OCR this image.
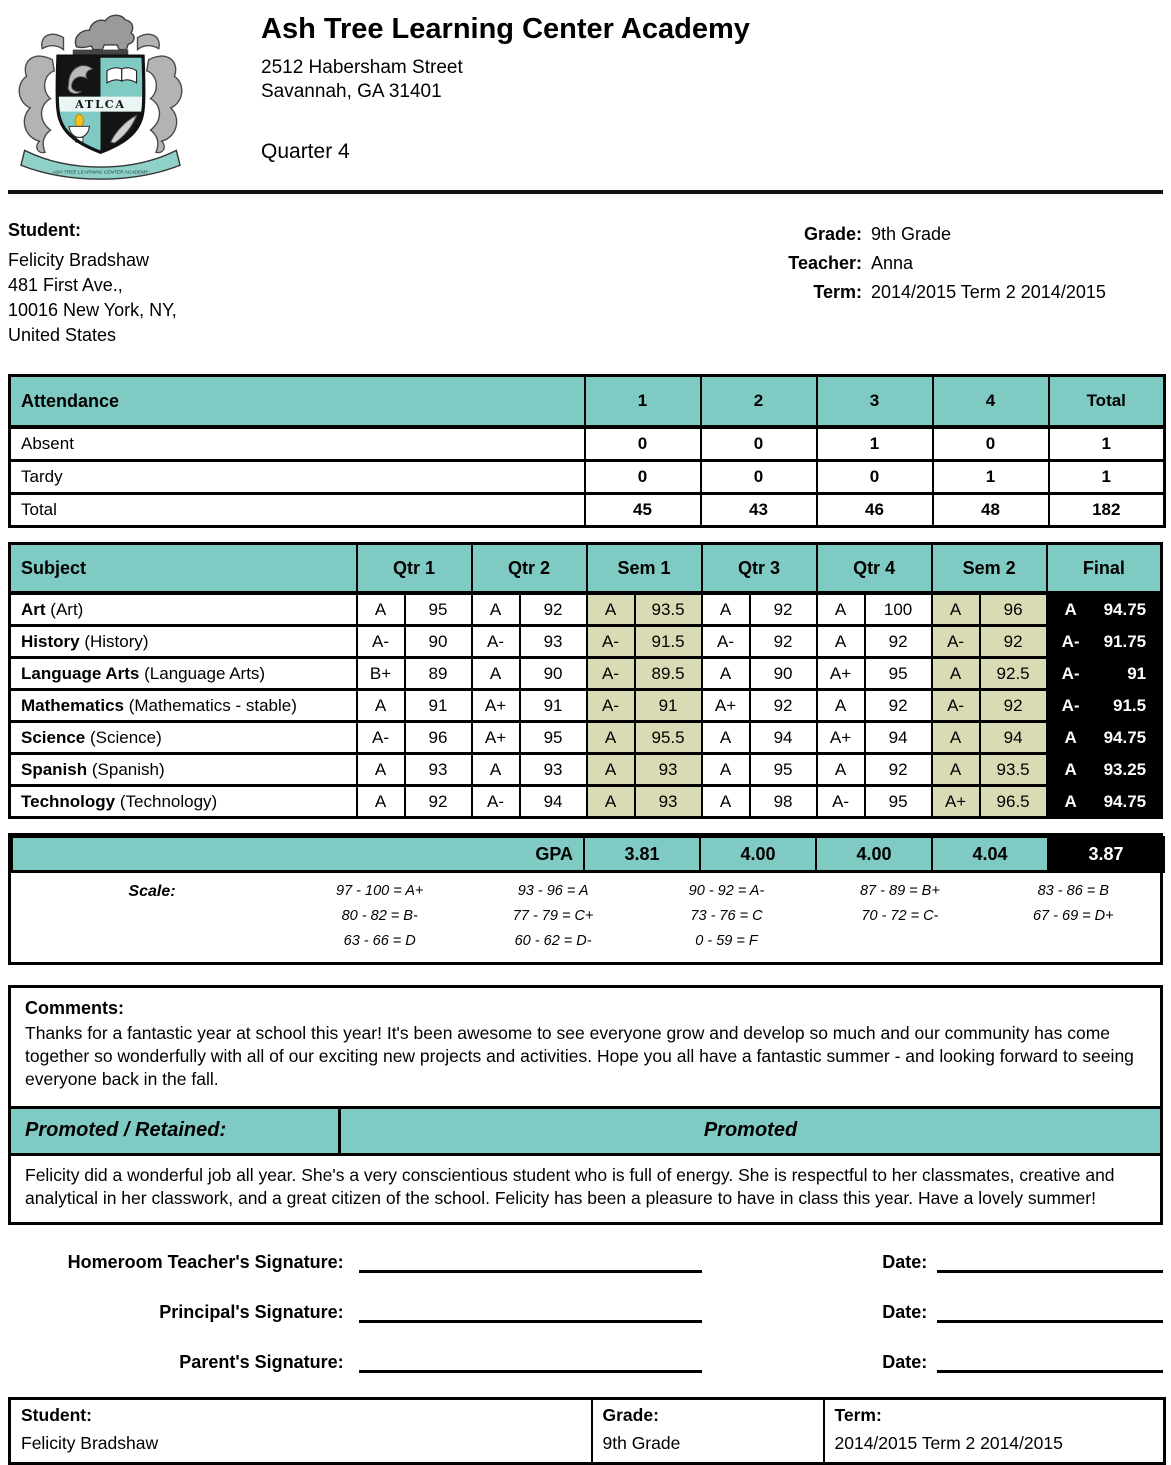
ATLCA
ASH TREE LEARNING CENTER ACADEMY
Ash Tree Learning Center Academy
2512 Habersham Street
Savannah, GA 31401
Quarter 4
Student:
Felicity Bradshaw
481 First Ave.,
10016 New York, NY,
United States
Grade: 9th Grade
Teacher: Anna
Term: 2014/2015 Term 2 2014/2015
Attendance	1	2	3	4	Total
Absent	0	0	1	0	1
Tardy	0	0	0	1	1
Total	45	43	46	48	182
Subject	Qtr 1		Qtr 2		Sem 1		Qtr 3		Qtr 4		Sem 2		Final	
Art (Art)	A	95	A	92	A	93.5	A	92	A	100	A	96	A	94.75
History (History)	A-	90	A-	93	A-	91.5	A-	92	A	92	A-	92	A-	91.75
Language Arts (Language Arts)	B+	89	A	90	A-	89.5	A	90	A+	95	A	92.5	A-	91
Mathematics (Mathematics - stable)	A	91	A+	91	A-	91	A+	92	A	92	A-	92	A-	91.5
Science (Science)	A-	96	A+	95	A	95.5	A	94	A+	94	A	94	A	94.75
Spanish (Spanish)	A	93	A	93	A	93	A	95	A	92	A	93.5	A	93.25
Technology (Technology)	A	92	A-	94	A	93	A	98	A-	95	A+	96.5	A	94.75
GPA	3.81	4.00	4.00	4.04	3.87
Scale:	97 - 100 = A+	93 - 96 = A	90 - 92 = A-	87 - 89 = B+	83 - 86 = B
80 - 82 = B-	77 - 79 = C+	73 - 76 = C	70 - 72 = C-	67 - 69 = D+
63 - 66 = D	60 - 62 = D-	0 - 59 = F
Comments:
Thanks for a fantastic year at school this year! It's been awesome to see everyone grow and develop so much and our community has come together so wonderfully with all of our exciting new projects and activities. Hope you all have a fantastic summer - and looking forward to seeing everyone back in the fall.
Promoted / Retained:	Promoted
Felicity did a wonderful job all year. She's a very conscientious student who is full of energy. She is respectful to her classmates, creative and analytical in her classwork, and a great citizen of the school. Felicity has been a pleasure to have in class this year. Have a lovely summer!
Homeroom Teacher's Signature:	Date:
Principal's Signature:	Date:
Parent's Signature:	Date:
Student:
Felicity Bradshaw

Grade:
9th Grade

Term:
2014/2015 Term 2 2014/2015
